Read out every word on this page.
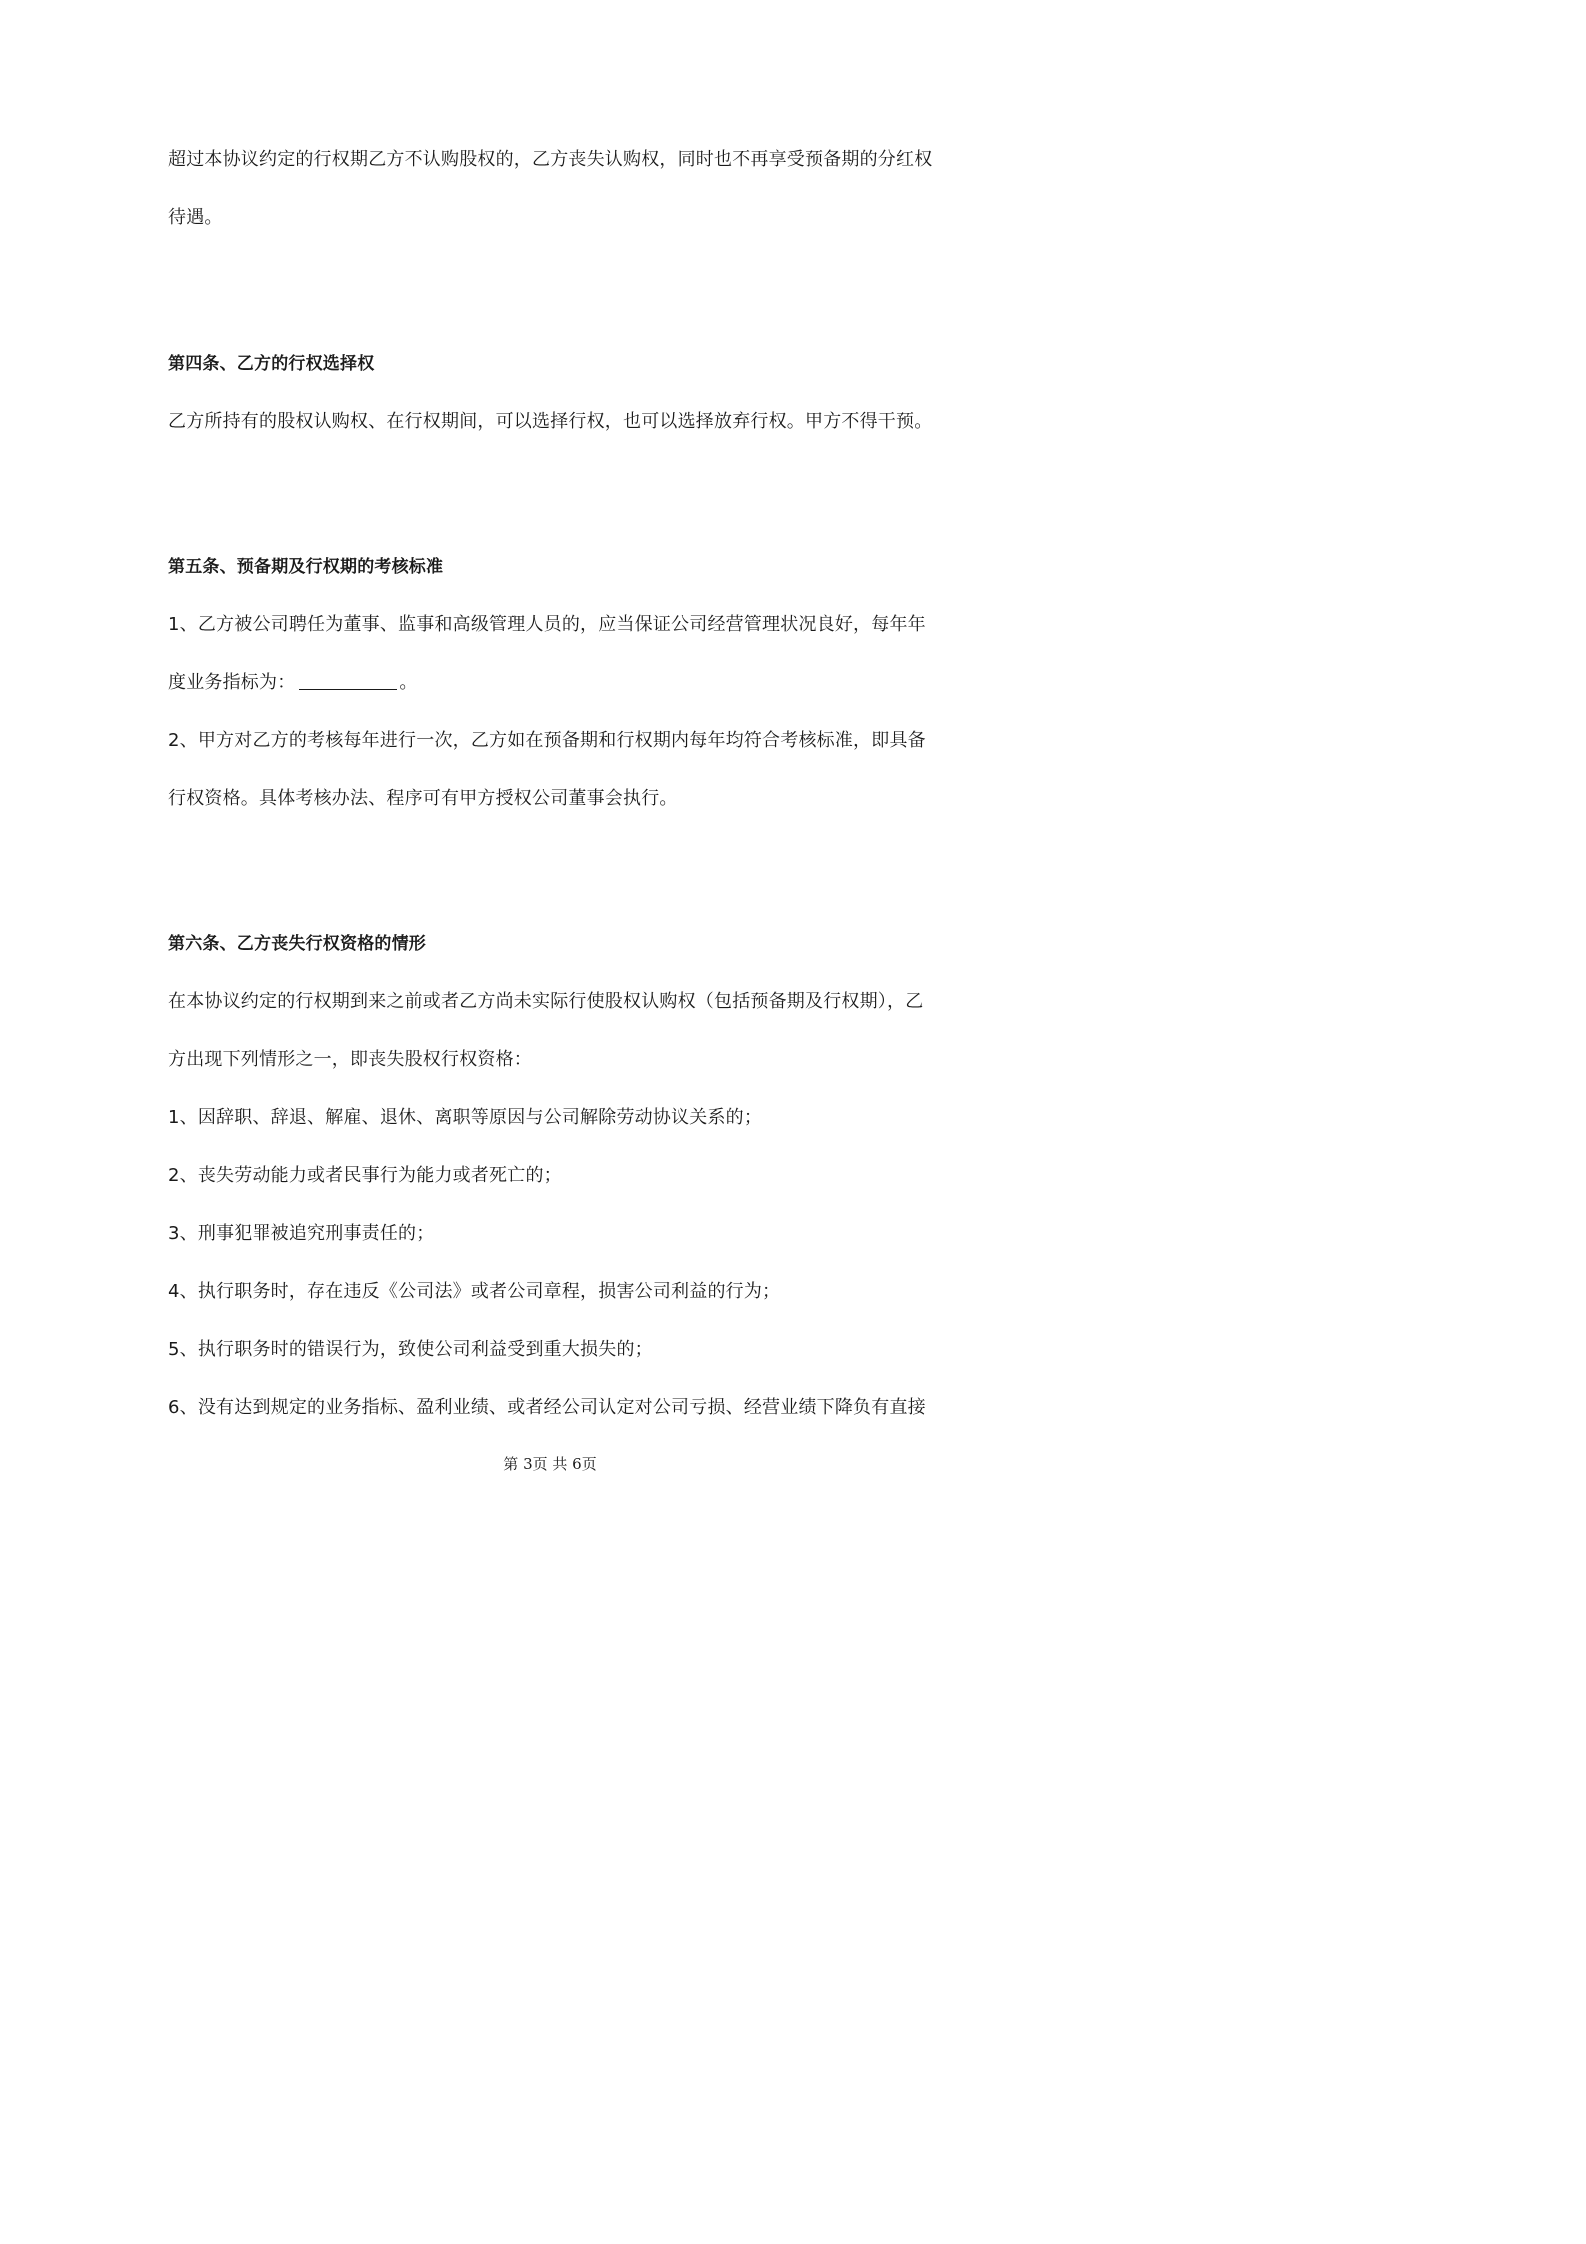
超过本协议约定的行权期乙方不认购股权的，乙方丧失认购权，同时也不再享受预备期的分红权
待遇。
第四条、乙方的行权选择权
乙方所持有的股权认购权、在行权期间，可以选择行权，也可以选择放弃行权。甲方不得干预。
第五条、预备期及行权期的考核标准
1、乙方被公司聘任为董事、监事和高级管理人员的，应当保证公司经营管理状况良好，每年年
度业务指标为：	。
2、甲方对乙方的考核每年进行一次，乙方如在预备期和行权期内每年均符合考核标准，即具备
行权资格。具体考核办法、程序可有甲方授权公司董事会执行。
第六条、乙方丧失行权资格的情形
在本协议约定的行权期到来之前或者乙方尚未实际行使股权认购权（包括预备期及行权期），乙
方出现下列情形之一，即丧失股权行权资格：
1、因辞职、辞退、解雇、退休、离职等原因与公司解除劳动协议关系的；
2、丧失劳动能力或者民事行为能力或者死亡的；
3、刑事犯罪被追究刑事责任的；
4、执行职务时，存在违反《公司法》或者公司章程，损害公司利益的行为；
5、执行职务时的错误行为，致使公司利益受到重大损失的；
6、没有达到规定的业务指标、盈利业绩、或者经公司认定对公司亏损、经营业绩下降负有直接
第 3页 共 6页
